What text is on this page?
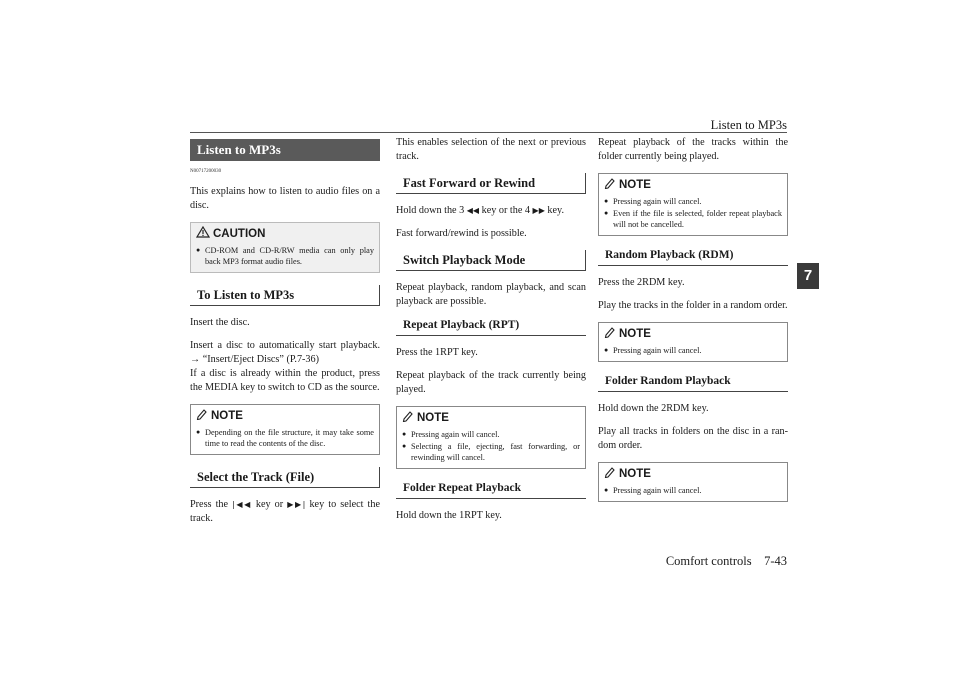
Listen to MP3s
Comfort controls 7-43
7
Listen to MP3s
N00717200030

This explains how to listen to audio files on a disc.

CAUTION
● CD-ROM and CD-R/RW media can only play back MP3 format audio files.
To Listen to MP3s

Insert the disc.

Insert a disc to automatically start playback. → “Insert/Eject Discs” (P.7-36)

If a disc is already within the product, press the MEDIA key to switch to CD as the source.

NOTE
● Depending on the file structure, it may take some time to read the contents of the disc.
Select the Track (File)

Press the |◀◀ key or ▶▶| key to select the track.

This enables selection of the next or previous track.

Fast Forward or Rewind

Hold down the 3 ◀◀ key or the 4 ▶▶ key.

Fast forward/rewind is possible.

Switch Playback Mode

Repeat playback, random playback, and scan playback are possible.

Repeat Playback (RPT)

Press the 1RPT key.

Repeat playback of the track currently being played.

NOTE
● Pressing again will cancel.
● Selecting a file, ejecting, fast forwarding, or rewinding will cancel.
Folder Repeat Playback

Hold down the 1RPT key.

Repeat playback of the tracks within the folder currently being played.

NOTE
● Pressing again will cancel.
● Even if the file is selected, folder repeat playback will not be cancelled.
Random Playback (RDM)

Press the 2RDM key.

Play the tracks in the folder in a random order.

NOTE
● Pressing again will cancel.
Folder Random Playback

Hold down the 2RDM key.

Play all tracks in folders on the disc in a ran-dom order.

NOTE
● Pressing again will cancel.
